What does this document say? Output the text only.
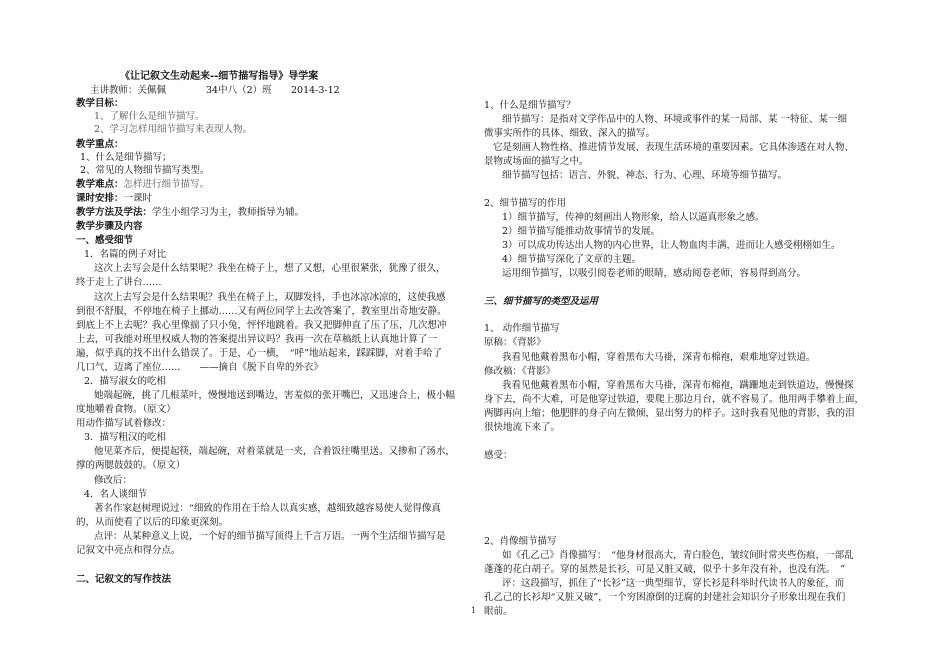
《让记叙文生动起来--细节描写指导》导学案
主讲教师：关佩佩	34中八（2）班 2014-3-12
教学目标：
1、了解什么是细节描写。
2、学习怎样用细节描写来表现人物。
教学重点：
1、什么是细节描写；
2、常见的人物细节描写类型。
教学难点：怎样进行细节描写。
课时安排：一课时
教学方法及学法：学生小组学习为主，教师指导为辅。
教学步骤及内容
一、感受细节
1．名篇的例子对比
这次上去写会是什么结果呢？我坐在椅子上，想了又想，心里很紧张，犹豫了很久，
终于走上了讲台……
这次上去写会是什么结果呢？我坐在椅子上，双脚发抖，手也冰凉冰凉的，这使我感
到很不舒服，不停地在椅子上挪动……又有两位同学上去改答案了，教室里出奇地安静。
到底上不上去呢？我心里像揣了只小兔，怦怦地跳着。我又把脚伸直了压了压，几次想冲
上去，可我能对班里权威人物的答案提出异议吗？我再一次在草稿纸上认真地计算了一
遍，似乎真的找不出什么错误了。于是，心一横，　“呼”地站起来，踩踩脚，对着手哈了
几口气，迈离了座位……　　——摘自《脱下自卑的外衣》
2．描写淑女的吃相
她端起碗，挑了几根菜叶，慢慢地送到嘴边，害羞似的张开嘴巴，又迅速合上，极小幅
度地嚼着食物。（原文）
用动作描写试着修改：
3．描写粗汉的吃相
他见菜齐后，便提起筷，端起碗，对着菜就是一夹，合着饭往嘴里送。又掺和了汤水，
撑的两腮鼓鼓的。（原文）
修改后：
4．名人谈细节
著名作家赵树理说过：“细致的作用在于给人以真实感，越细致越容易使人觉得像真
的，从而使看了以后的印象更深刻。
点评：从某种意义上说，一个好的细节描写顶得上千言万语。一两个生活细节描写是
记叙文中亮点和得分点。
二、记叙文的写作技法
1、什么是细节描写？
细节描写：是指对文学作品中的人物、环境或事件的某一局部、某 一特征、某一细
微事实所作的具体、细致、深入的描写。
它是刻画人物性格、推进情节发展、表现生活环境的重要因素。它具体渗透在对人物、
景物或场面的描写之中。
细节描写包括：语言、外貌、神态、行为、心理、环境等细节描写。
2、细节描写的作用
1）细节描写，传神的刻画出人物形象，给人以逼真形象之感。
2）细节描写能推动故事情节的发展。
3）可以成功传达出人物的内心世界，让人物血肉丰满，进而让人感受栩栩如生。
4）细节描写深化了文章的主题。
运用细节描写，以吸引阅卷老师的眼睛，感动阅卷老师，容易得到高分。
三、细节描写的类型及运用
1、 动作细节描写
原稿：《背影》
我看见他戴着黑布小帽，穿着黑布大马褂，深青布棉袍，艰难地穿过铁道。
修改稿：《背影》
我看见他戴着黑布小帽，穿着黑布大马褂，深青布棉袍，蹒跚地走到铁道边，慢慢探
身下去，尚不大难，可是他穿过铁道，要爬上那边月台，就不容易了。他用两手攀着上面，
两脚再向上缩；他肥胖的身子向左微倾，显出努力的样子。这时我看见他的背影，我的泪
很快地流下来了。
感受：
2、肖像细节描写
如《孔乙己》肖像描写：　“他身材很高大，青白脸色，皱纹间时常夹些伤痕，一部乱
蓬蓬的花白胡子。穿的虽然是长衫，可是又脏又破，似乎十多年没有补，也没有洗。　”
评：这段描写，抓住了“长衫”这一典型细节，穿长衫是科举时代读书人的象征，而
孔乙己的长衫却“又脏又破”，一个穷困潦倒的迂腐的封建社会知识分子形象出现在我们
眼前。
1
